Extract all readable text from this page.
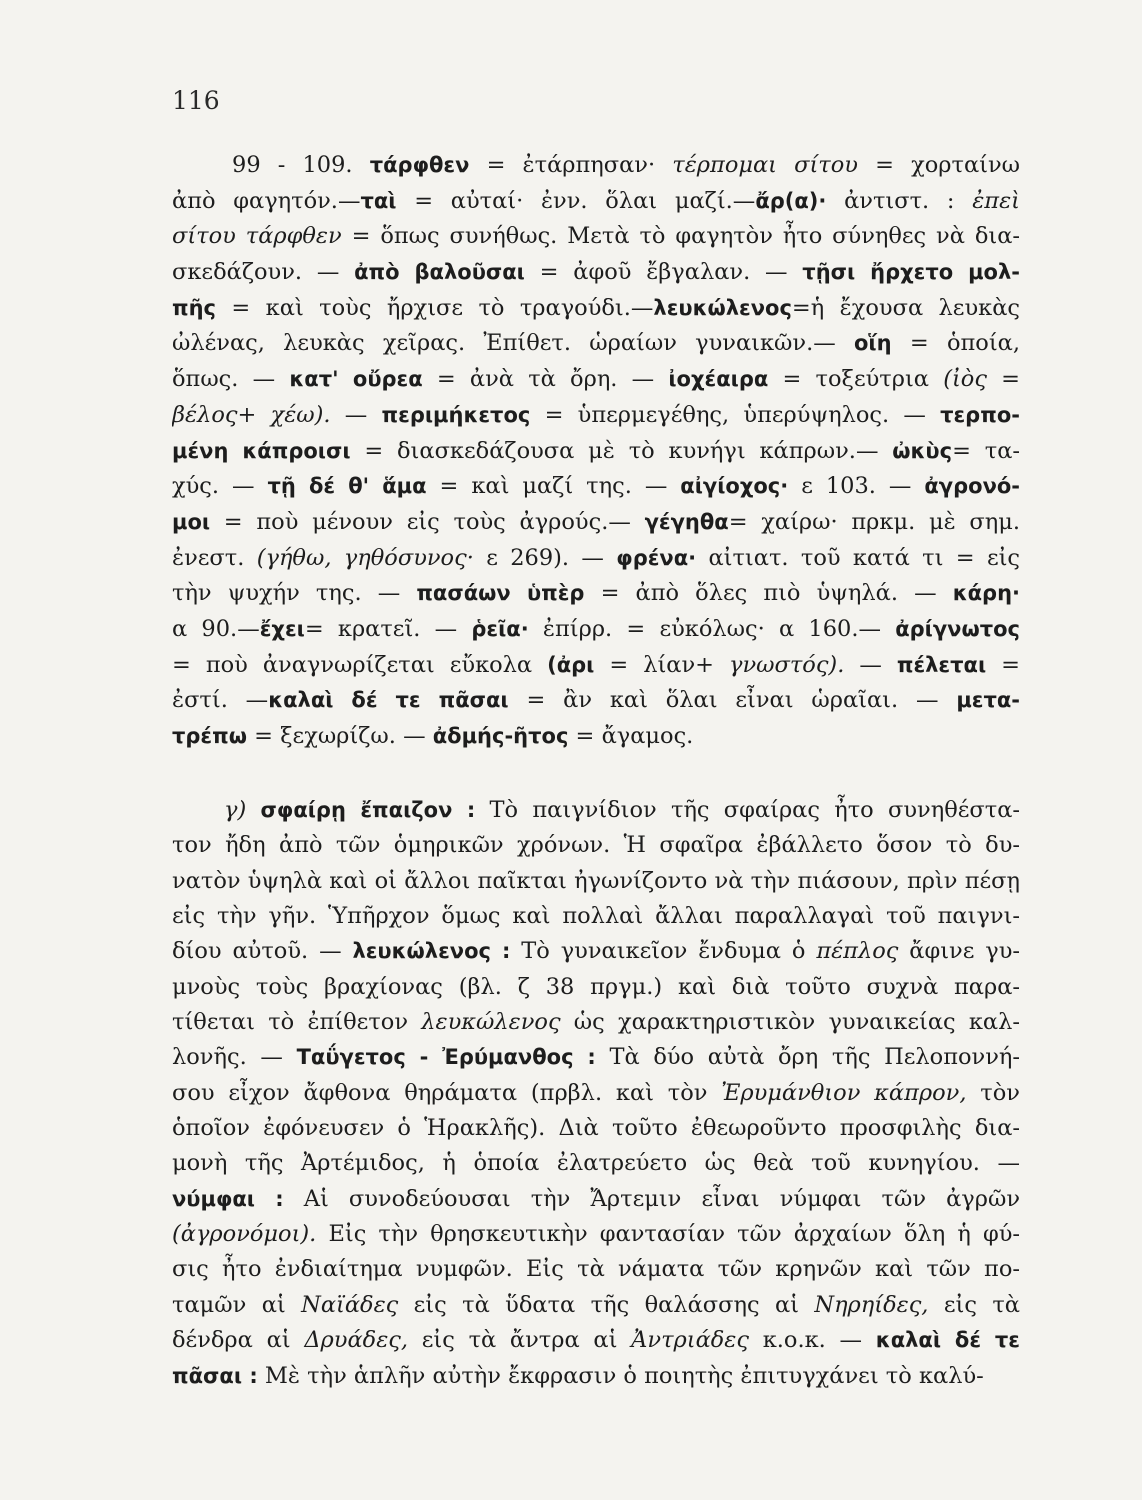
116
99 - 109. τάρφθεν = ἐτάρπησαν· τέρπομαι σίτου = χορταίνω
ἀπὸ φαγητόν.—ταὶ = αὐταί· ἐνν. ὅλαι μαζί.—ἄρ(α)· ἀντιστ. : ἐπεὶ
σίτου τάρφθεν = ὅπως συνήθως. Μετὰ τὸ φαγητὸν ἦτο σύνηθες νὰ δια-
σκεδάζουν. — ἀπὸ βαλοῦσαι = ἀφοῦ ἔβγαλαν. — τῇσι ἤρχετο μολ-
πῆς = καὶ τοὺς ἤρχισε τὸ τραγούδι.—λευκώλενος=ἡ ἔχουσα λευκὰς
ὠλένας, λευκὰς χεῖρας. Ἐπίθετ. ὡραίων γυναικῶν.— οἵη = ὁποία,
ὅπως. — κατ' οὔρεα = ἀνὰ τὰ ὄρη. — ἰοχέαιρα = τοξεύτρια (ἰὸς =
βέλος+ χέω). — περιμήκετος = ὑπερμεγέθης, ὑπερύψηλος. — τερπο-
μένη κάπροισι = διασκεδάζουσα μὲ τὸ κυνήγι κάπρων.— ὠκὺς= τα-
χύς. — τῇ δέ θ' ἅμα = καὶ μαζί της. — αἰγίοχος· ε 103. — ἀγρονό-
μοι = ποὺ μένουν εἰς τοὺς ἀγρούς.— γέγηθα= χαίρω· πρκμ. μὲ σημ.
ἐνεστ. (γήθω, γηθόσυνος· ε 269). — φρένα· αἰτιατ. τοῦ κατά τι = εἰς
τὴν ψυχήν της. — πασάων ὑπὲρ = ἀπὸ ὅλες πιὸ ὑψηλά. — κάρη·
α 90.—ἔχει= κρατεῖ. — ῥεῖα· ἐπίρρ. = εὐκόλως· α 160.— ἀρίγνωτος
= ποὺ ἀναγνωρίζεται εὔκολα (ἀρι = λίαν+ γνωστός). — πέλεται =
ἐστί. —καλαὶ δέ τε πᾶσαι = ἂν καὶ ὅλαι εἶναι ὡραῖαι. — μετα-
τρέπω = ξεχωρίζω. — ἀδμής-ῆτος = ἄγαμος.
γ) σφαίρῃ ἔπαιζον : Τὸ παιγνίδιον τῆς σφαίρας ἦτο συνηθέστα-
τον ἤδη ἀπὸ τῶν ὁμηρικῶν χρόνων. Ἡ σφαῖρα ἐβάλλετο ὅσον τὸ δυ-
νατὸν ὑψηλὰ καὶ οἱ ἄλλοι παῖκται ἠγωνίζοντο νὰ τὴν πιάσουν, πρὶν πέσῃ
εἰς τὴν γῆν. Ὑπῆρχον ὅμως καὶ πολλαὶ ἄλλαι παραλλαγαὶ τοῦ παιγνι-
δίου αὐτοῦ. — λευκώλενος : Τὸ γυναικεῖον ἔνδυμα ὁ πέπλος ἄφινε γυ-
μνοὺς τοὺς βραχίονας (βλ. ζ 38 πργμ.) καὶ διὰ τοῦτο συχνὰ παρα-
τίθεται τὸ ἐπίθετον λευκώλενος ὡς χαρακτηριστικὸν γυναικείας καλ-
λονῆς. — Ταΰγετος - Ἐρύμανθος : Τὰ δύο αὐτὰ ὄρη τῆς Πελοποννή-
σου εἶχον ἄφθονα θηράματα (πρβλ. καὶ τὸν Ἐρυμάνθιον κάπρον, τὸν
ὁποῖον ἐφόνευσεν ὁ Ἡρακλῆς). Διὰ τοῦτο ἐθεωροῦντο προσφιλὴς δια-
μονὴ τῆς Ἀρτέμιδος, ἡ ὁποία ἐλατρεύετο ὡς θεὰ τοῦ κυνηγίου. —
νύμφαι : Αἱ συνοδεύουσαι τὴν Ἄρτεμιν εἶναι νύμφαι τῶν ἀγρῶν
(ἀγρονόμοι). Εἰς τὴν θρησκευτικὴν φαντασίαν τῶν ἀρχαίων ὅλη ἡ φύ-
σις ἦτο ἐνδιαίτημα νυμφῶν. Εἰς τὰ νάματα τῶν κρηνῶν καὶ τῶν πο-
ταμῶν αἱ Ναϊάδες εἰς τὰ ὕδατα τῆς θαλάσσης αἱ Νηρηίδες, εἰς τὰ
δένδρα αἱ Δρυάδες, εἰς τὰ ἄντρα αἱ Ἀντριάδες κ.ο.κ. — καλαὶ δέ τε
πᾶσαι : Μὲ τὴν ἁπλῆν αὐτὴν ἔκφρασιν ὁ ποιητὴς ἐπιτυγχάνει τὸ καλύ-
